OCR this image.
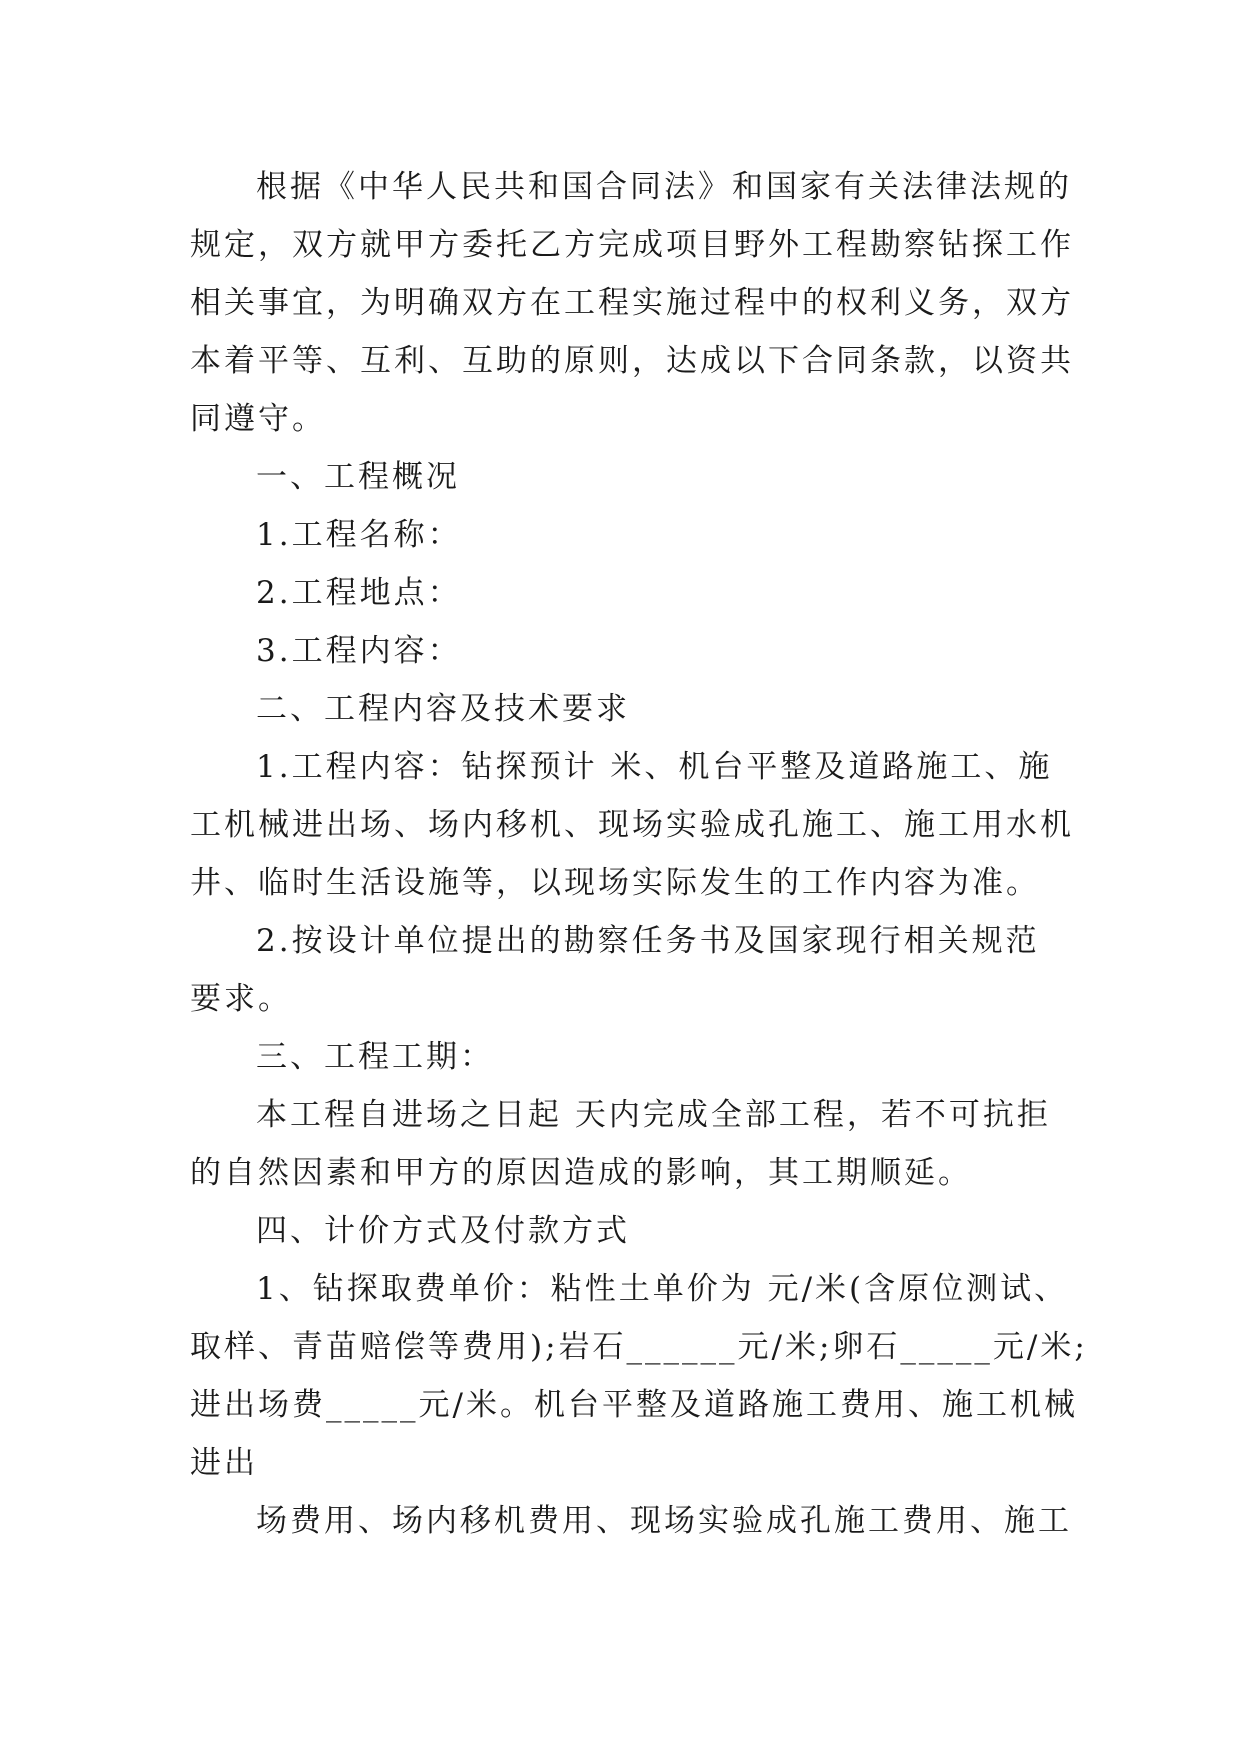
根据《中华人民共和国合同法》和国家有关法律法规的
规定，双方就甲方委托乙方完成项目野外工程勘察钻探工作
相关事宜，为明确双方在工程实施过程中的权利义务，双方
本着平等、互利、互助的原则，达成以下合同条款，以资共
同遵守。

一、工程概况

1.工程名称：

2.工程地点：

3.工程内容：

二、工程内容及技术要求

1.工程内容：钻探预计 米、机台平整及道路施工、施
工机械进出场、场内移机、现场实验成孔施工、施工用水机
井、临时生活设施等，以现场实际发生的工作内容为准。

2.按设计单位提出的勘察任务书及国家现行相关规范
要求。

三、工程工期：

本工程自进场之日起 天内完成全部工程，若不可抗拒
的自然因素和甲方的原因造成的影响，其工期顺延。

四、计价方式及付款方式

1、钻探取费单价：粘性土单价为 元/米(含原位测试、
取样、青苗赔偿等费用);岩石______元/米;卵石_____元/米;
进出场费_____元/米。机台平整及道路施工费用、施工机械
进出

场费用、场内移机费用、现场实验成孔施工费用、施工
